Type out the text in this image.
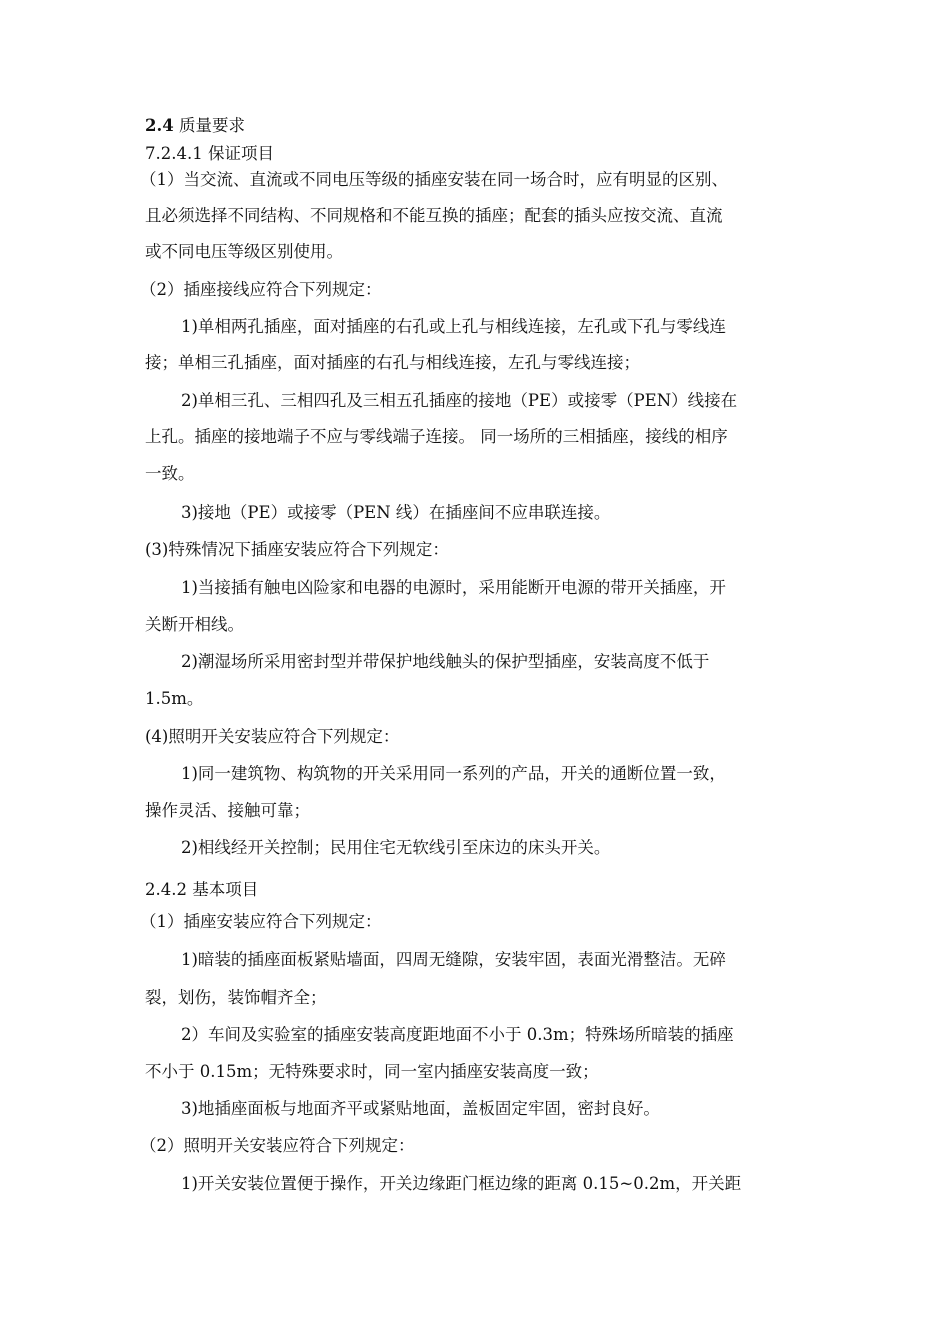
2.4 质量要求
7.2.4.1 保证项目
（1）当交流、直流或不同电压等级的插座安装在同一场合时，应有明显的区别、
且必须选择不同结构、不同规格和不能互换的插座；配套的插头应按交流、直流
或不同电压等级区别使用。
（2）插座接线应符合下列规定：
1)单相两孔插座，面对插座的右孔或上孔与相线连接，左孔或下孔与零线连
接；单相三孔插座，面对插座的右孔与相线连接，左孔与零线连接；
2)单相三孔、三相四孔及三相五孔插座的接地（PE）或接零（PEN）线接在
上孔。插座的接地端子不应与零线端子连接。 同一场所的三相插座，接线的相序
一致。
3)接地（PE）或接零（PEN 线）在插座间不应串联连接。
(3)特殊情况下插座安装应符合下列规定：
1)当接插有触电凶险家和电器的电源时，采用能断开电源的带开关插座，开
关断开相线。
2)潮湿场所采用密封型并带保护地线触头的保护型插座，安装高度不低于
1.5m。
(4)照明开关安装应符合下列规定：
1)同一建筑物、构筑物的开关采用同一系列的产品，开关的通断位置一致，
操作灵活、接触可靠；
2)相线经开关控制；民用住宅无软线引至床边的床头开关。
2.4.2 基本项目
（1）插座安装应符合下列规定：
1)暗装的插座面板紧贴墙面，四周无缝隙，安装牢固，表面光滑整洁。无碎
裂，划伤，装饰帽齐全；
2）车间及实验室的插座安装高度距地面不小于 0.3m；特殊场所暗装的插座
不小于 0.15m；无特殊要求时，同一室内插座安装高度一致；
3)地插座面板与地面齐平或紧贴地面，盖板固定牢固，密封良好。
（2）照明开关安装应符合下列规定：
1)开关安装位置便于操作，开关边缘距门框边缘的距离 0.15~0.2m，开关距
